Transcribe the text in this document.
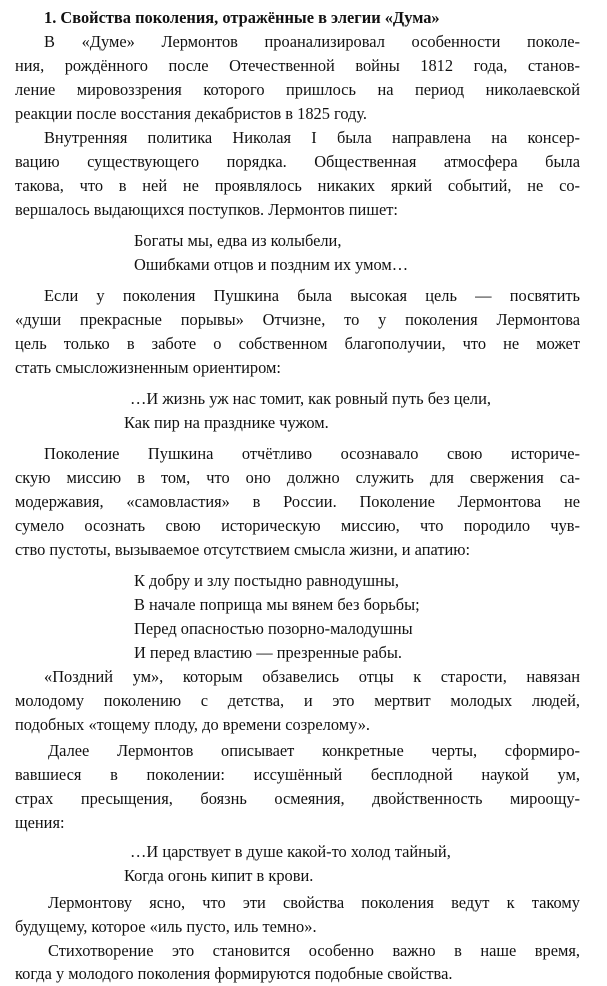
1. Свойства поколения, отражённые в элегии «Дума»
В «Думе» Лермонтов проанализировал особенности поколе-
ния, рождённого после Отечественной войны 1812 года, станов-
ление мировоззрения которого пришлось на период николаевской
реакции после восстания декабристов в 1825 году.
Внутренняя политика Николая I была направлена на консер-
вацию существующего порядка. Общественная атмосфера была
такова, что в ней не проявлялось никаких яркий событий, не со-
вершалось выдающихся поступков. Лермонтов пишет:
Богаты мы, едва из колыбели,
Ошибками отцов и поздним их умом…
Если у поколения Пушкина была высокая цель — посвятить
«души прекрасные порывы» Отчизне, то у поколения Лермонтова
цель только в заботе о собственном благополучии, что не может
стать смысложизненным ориентиром:
…И жизнь уж нас томит, как ровный путь без цели,
Как пир на празднике чужом.
Поколение Пушкина отчётливо осознавало свою историче-
скую миссию в том, что оно должно служить для свержения са-
модержавия, «самовластия» в России. Поколение Лермонтова не
сумело осознать свою историческую миссию, что породило чув-
ство пустоты, вызываемое отсутствием смысла жизни, и апатию:
К добру и злу постыдно равнодушны,
В начале поприща мы вянем без борьбы;
Перед опасностью позорно-малодушны
И перед властию — презренные рабы.
«Поздний ум», которым обзавелись отцы к старости, навязан
молодому поколению с детства, и это мертвит молодых людей,
подобных «тощему плоду, до времени созрелому».
Далее Лермонтов описывает конкретные черты, сформиро-
вавшиеся в поколении: иссушённый бесплодной наукой ум,
страх пресыщения, боязнь осмеяния, двойственность мироощу-
щения:
…И царствует в душе какой-то холод тайный,
Когда огонь кипит в крови.
Лермонтову ясно, что эти свойства поколения ведут к такому
будущему, которое «иль пусто, иль темно».
Стихотворение это становится особенно важно в наше время,
когда у молодого поколения формируются подобные свойства.
